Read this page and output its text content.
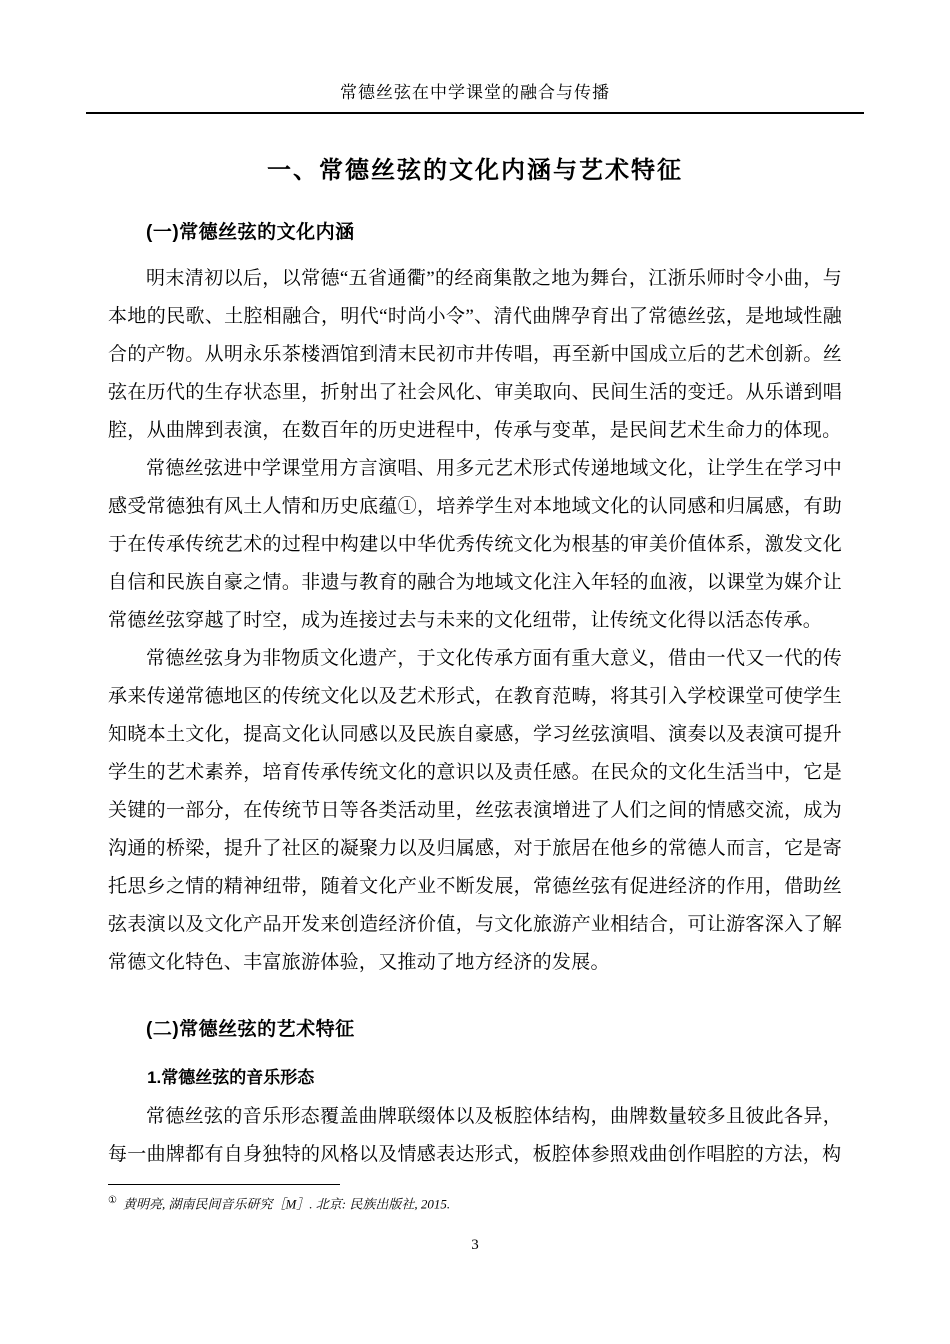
常德丝弦在中学课堂的融合与传播
一、常德丝弦的文化内涵与艺术特征
(一)常德丝弦的文化内涵

明末清初以后，以常德“五省通衢”的经商集散之地为舞台，江浙乐师时令小曲，与本地的民歌、土腔相融合，明代“时尚小令”、清代曲牌孕育出了常德丝弦，是地域性融合的产物。从明永乐茶楼酒馆到清末民初市井传唱，再至新中国成立后的艺术创新。丝弦在历代的生存状态里，折射出了社会风化、审美取向、民间生活的变迁。从乐谱到唱腔，从曲牌到表演，在数百年的历史进程中，传承与变革，是民间艺术生命力的体现。

常德丝弦进中学课堂用方言演唱、用多元艺术形式传递地域文化，让学生在学习中感受常德独有风土人情和历史底蕴①，培养学生对本地域文化的认同感和归属感，有助于在传承传统艺术的过程中构建以中华优秀传统文化为根基的审美价值体系，激发文化自信和民族自豪之情。非遗与教育的融合为地域文化注入年轻的血液，以课堂为媒介让常德丝弦穿越了时空，成为连接过去与未来的文化纽带，让传统文化得以活态传承。

常德丝弦身为非物质文化遗产，于文化传承方面有重大意义，借由一代又一代的传承来传递常德地区的传统文化以及艺术形式，在教育范畴，将其引入学校课堂可使学生知晓本土文化，提高文化认同感以及民族自豪感，学习丝弦演唱、演奏以及表演可提升学生的艺术素养，培育传承传统文化的意识以及责任感。在民众的文化生活当中，它是关键的一部分，在传统节日等各类活动里，丝弦表演增进了人们之间的情感交流，成为沟通的桥梁，提升了社区的凝聚力以及归属感，对于旅居在他乡的常德人而言，它是寄托思乡之情的精神纽带，随着文化产业不断发展，常德丝弦有促进经济的作用，借助丝弦表演以及文化产品开发来创造经济价值，与文化旅游产业相结合，可让游客深入了解常德文化特色、丰富旅游体验，又推动了地方经济的发展。

(二)常德丝弦的艺术特征
1.常德丝弦的音乐形态

常德丝弦的音乐形态覆盖曲牌联缀体以及板腔体结构，曲牌数量较多且彼此各异，每一曲牌都有自身独特的风格以及情感表达形式，板腔体参照戏曲创作唱腔的方法，构

① 黄明亮, 湖南民间音乐研究［M］. 北京: 民族出版社, 2015.
3
